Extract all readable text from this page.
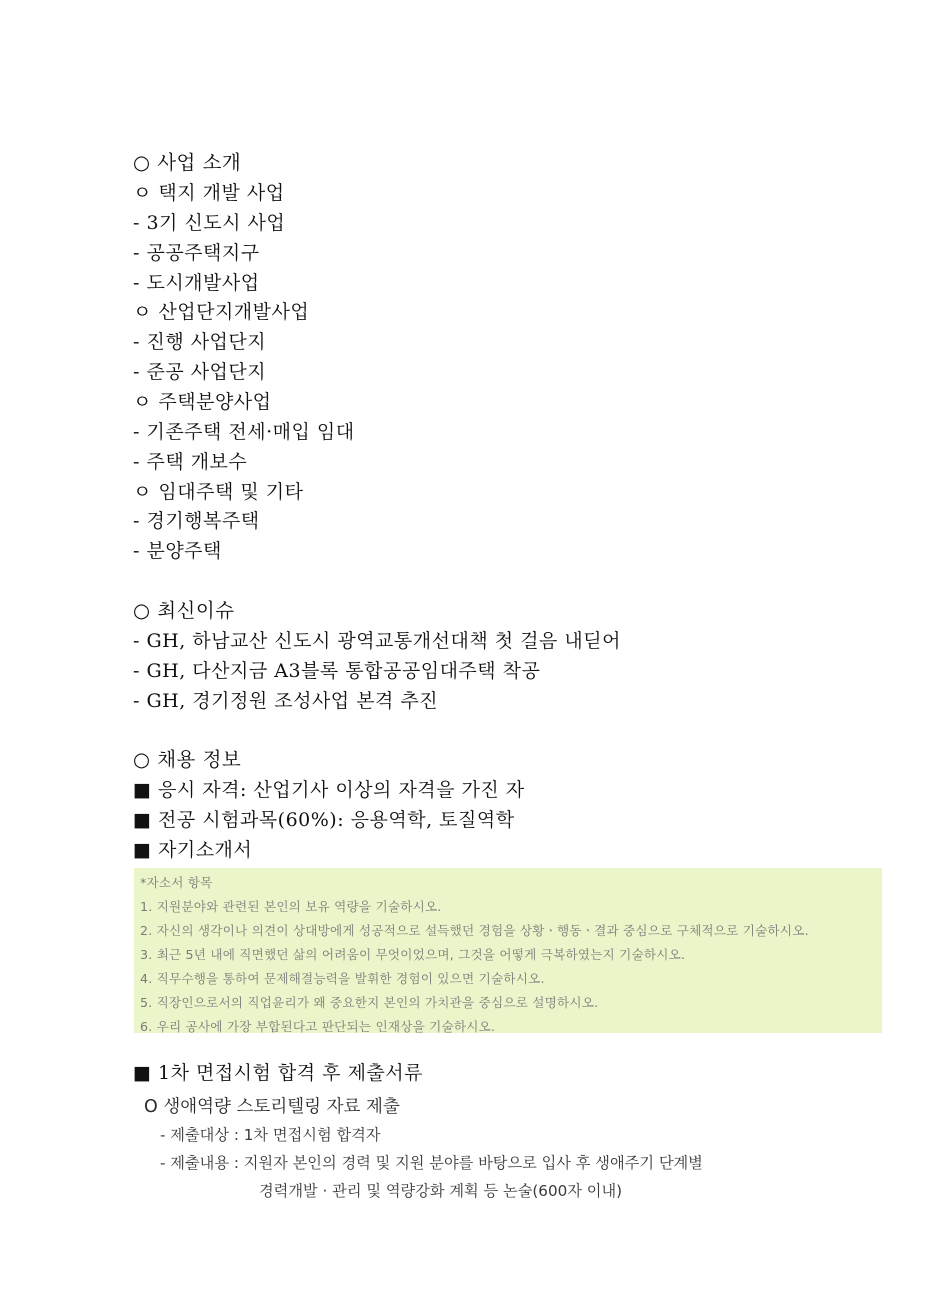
○ 사업 소개
ㅇ 택지 개발 사업
- 3기 신도시 사업
- 공공주택지구
- 도시개발사업
ㅇ 산업단지개발사업
- 진행 사업단지
- 준공 사업단지
ㅇ 주택분양사업
- 기존주택 전세·매입 임대
- 주택 개보수
ㅇ 임대주택 및 기타
- 경기행복주택
- 분양주택
○ 최신이슈
- GH, 하남교산 신도시 광역교통개선대책 첫 걸음 내딛어
- GH, 다산지금 A3블록 통합공공임대주택 착공
- GH, 경기정원 조성사업 본격 추진
○ 채용 정보
■ 응시 자격: 산업기사 이상의 자격을 가진 자
■ 전공 시험과목(60%): 응용역학, 토질역학
■ 자기소개서
*자소서 항목
1. 지원분야와 관련된 본인의 보유 역량을 기술하시오.
2. 자신의 생각이나 의견이 상대방에게 성공적으로 설득했던 경험을 상황ㆍ행동ㆍ결과 중심으로 구체적으로 기술하시오.
3. 최근 5년 내에 직면했던 삶의 어려움이 무엇이었으며, 그것을 어떻게 극복하였는지 기술하시오.
4. 직무수행을 통하여 문제해결능력을 발휘한 경험이 있으면 기술하시오.
5. 직장인으로서의 직업윤리가 왜 중요한지 본인의 가치관을 중심으로 설명하시오.
6. 우리 공사에 가장 부합된다고 판단되는 인재상을 기술하시오.
■ 1차 면접시험 합격 후 제출서류
O 생애역량 스토리텔링 자료 제출
- 제출대상 : 1차 면접시험 합격자
- 제출내용 : 지원자 본인의 경력 및 지원 분야를 바탕으로 입사 후 생애주기 단계별
경력개발 · 관리 및 역량강화 계획 등 논술(600자 이내)
